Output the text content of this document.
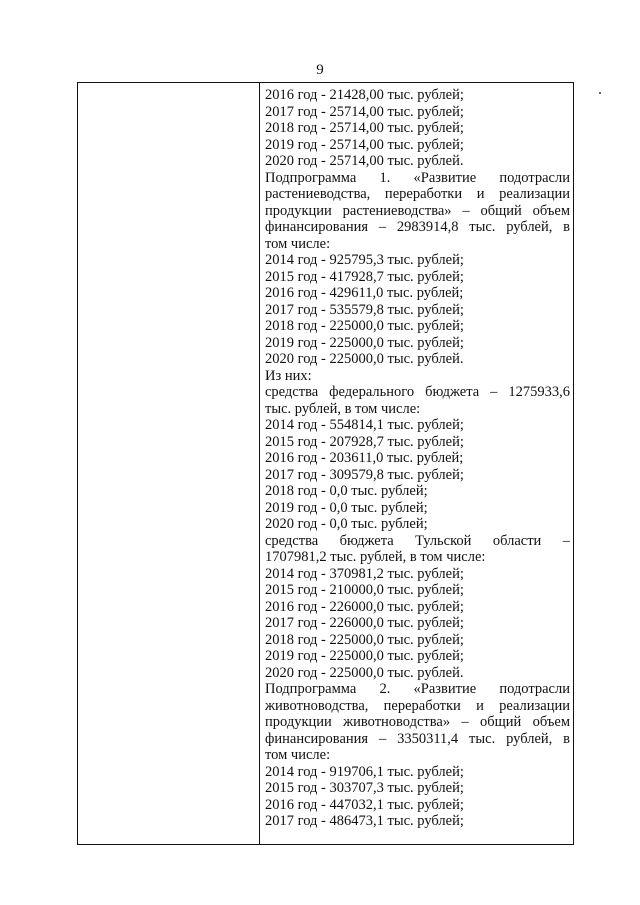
9
2016 год - 21428,00 тыс. рублей;
2017 год - 25714,00 тыс. рублей;
2018 год - 25714,00 тыс. рублей;
2019 год - 25714,00 тыс. рублей;
2020 год - 25714,00 тыс. рублей.
Подпрограмма 1. «Развитие подотрасли
растениеводства, переработки и реализации
продукции растениеводства» – общий объем
финансирования – 2983914,8 тыс. рублей, в
том числе:
2014 год - 925795,3 тыс. рублей;
2015 год - 417928,7 тыс. рублей;
2016 год - 429611,0 тыс. рублей;
2017 год - 535579,8 тыс. рублей;
2018 год - 225000,0 тыс. рублей;
2019 год - 225000,0 тыс. рублей;
2020 год - 225000,0 тыс. рублей.
Из них:
средства федерального бюджета – 1275933,6
тыс. рублей, в том числе:
2014 год - 554814,1 тыс. рублей;
2015 год - 207928,7 тыс. рублей;
2016 год - 203611,0 тыс. рублей;
2017 год - 309579,8 тыс. рублей;
2018 год - 0,0 тыс. рублей;
2019 год - 0,0 тыс. рублей;
2020 год - 0,0 тыс. рублей;
средства бюджета Тульской области –
1707981,2 тыс. рублей, в том числе:
2014 год - 370981,2 тыс. рублей;
2015 год - 210000,0 тыс. рублей;
2016 год - 226000,0 тыс. рублей;
2017 год - 226000,0 тыс. рублей;
2018 год - 225000,0 тыс. рублей;
2019 год - 225000,0 тыс. рублей;
2020 год - 225000,0 тыс. рублей.
Подпрограмма 2. «Развитие подотрасли
животноводства, переработки и реализации
продукции животноводства» – общий объем
финансирования – 3350311,4 тыс. рублей, в
том числе:
2014 год - 919706,1 тыс. рублей;
2015 год - 303707,3 тыс. рублей;
2016 год - 447032,1 тыс. рублей;
2017 год - 486473,1 тыс. рублей;
